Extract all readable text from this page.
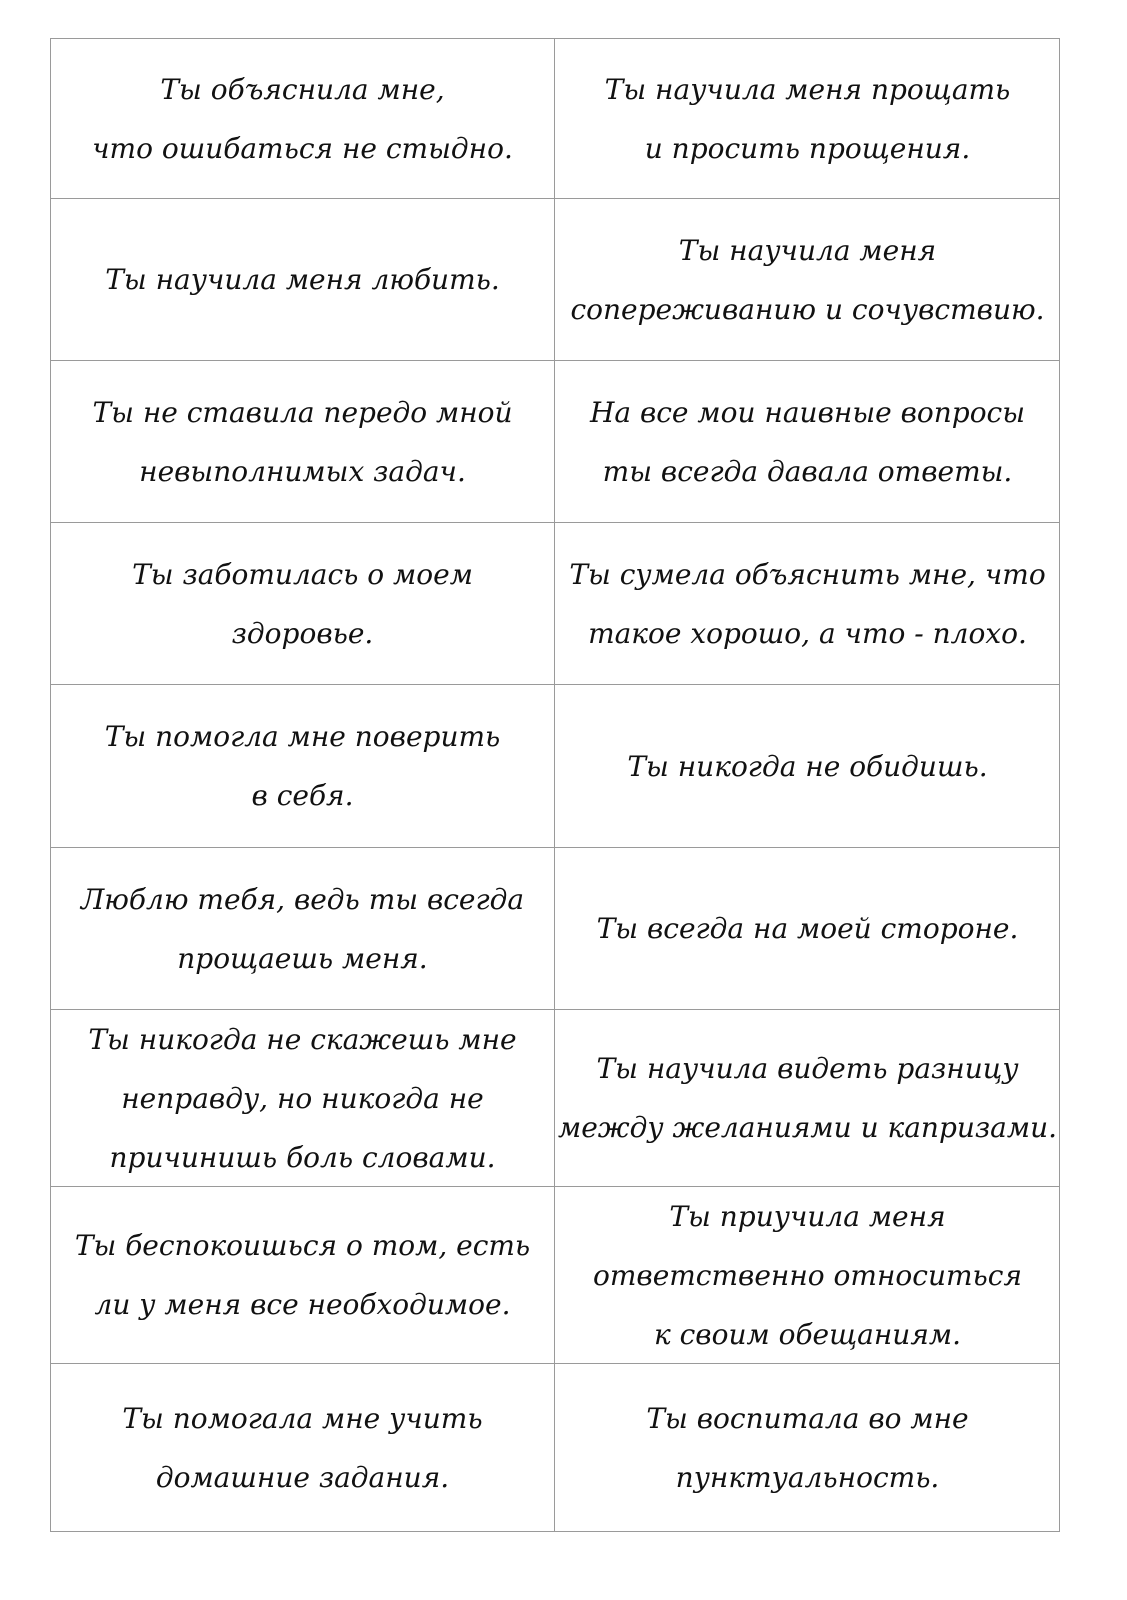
Ты объяснила мне,
что ошибаться не стыдно.
Ты научила меня прощать
и просить прощения.
Ты научила меня любить.
Ты научила меня
сопереживанию и сочувствию.
Ты не ставила передо мной
невыполнимых задач.
На все мои наивные вопросы
ты всегда давала ответы.
Ты заботилась о моем
здоровье.
Ты сумела объяснить мне, что
такое хорошо, а что - плохо.
Ты помогла мне поверить
в себя.
Ты никогда не обидишь.
Люблю тебя, ведь ты всегда
прощаешь меня.
Ты всегда на моей стороне.
Ты никогда не скажешь мне
неправду, но никогда не
причинишь боль словами.
Ты научила видеть разницу
между желаниями и капризами.
Ты беспокоишься о том, есть
ли у меня все необходимое.
Ты приучила меня
ответственно относиться
к своим обещаниям.
Ты помогала мне учить
домашние задания.
Ты воспитала во мне
пунктуальность.
